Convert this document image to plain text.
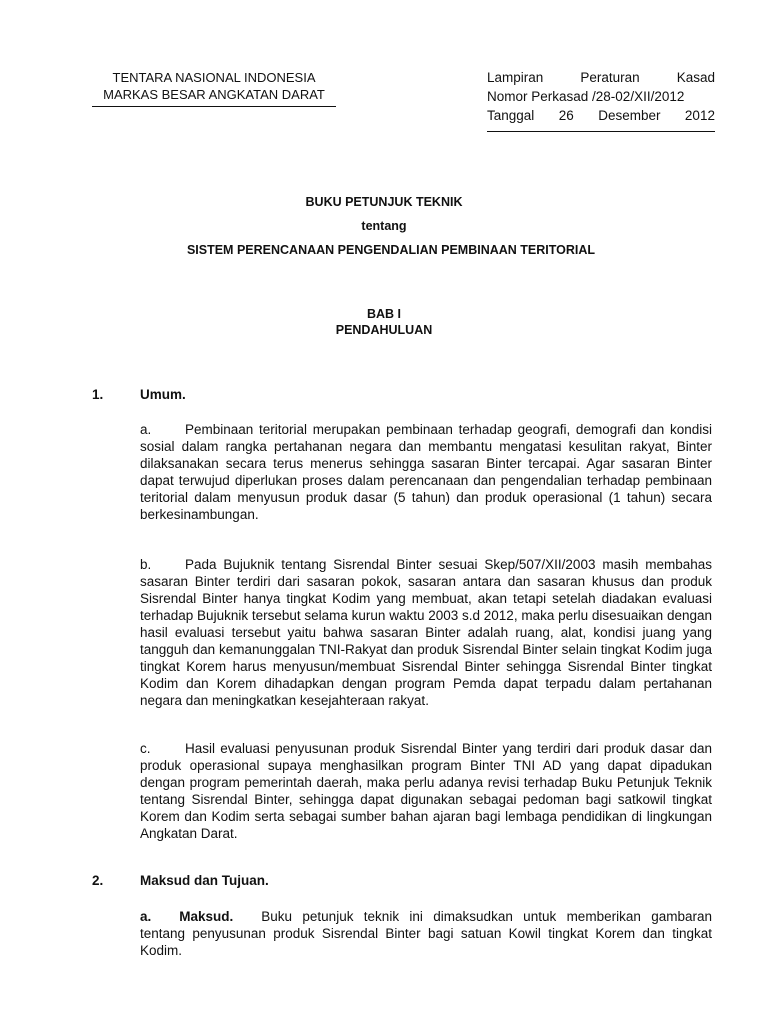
TENTARA NASIONAL INDONESIA
MARKAS BESAR ANGKATAN DARAT
Lampiran	Peraturan	Kasad
Nomor Perkasad /28-02/XII/2012
Tanggal 26 Desember 2012
BUKU PETUNJUK TEKNIK
tentang
SISTEM PERENCANAAN PENGENDALIAN PEMBINAAN TERITORIAL
BAB I
PENDAHULUAN
1.	Umum.
a. Pembinaan teritorial merupakan pembinaan terhadap geografi, demografi dan kondisi sosial dalam rangka pertahanan negara dan membantu mengatasi kesulitan rakyat, Binter dilaksanakan secara terus menerus sehingga sasaran Binter tercapai. Agar sasaran Binter dapat terwujud diperlukan proses dalam perencanaan dan pengendalian terhadap pembinaan teritorial dalam menyusun produk dasar (5 tahun) dan produk operasional (1 tahun) secara berkesinambungan.
b. Pada Bujuknik tentang Sisrendal Binter sesuai Skep/507/XII/2003 masih membahas sasaran Binter terdiri dari sasaran pokok, sasaran antara dan sasaran khusus dan produk Sisrendal Binter hanya tingkat Kodim yang membuat, akan tetapi setelah diadakan evaluasi terhadap Bujuknik tersebut selama kurun waktu 2003 s.d 2012, maka perlu disesuaikan dengan hasil evaluasi tersebut yaitu bahwa sasaran Binter adalah ruang, alat, kondisi juang yang tangguh dan kemanunggalan TNI-Rakyat dan produk Sisrendal Binter selain tingkat Kodim juga tingkat Korem harus menyusun/membuat Sisrendal Binter sehingga Sisrendal Binter tingkat Kodim dan Korem dihadapkan dengan program Pemda dapat terpadu dalam pertahanan negara dan meningkatkan kesejahteraan rakyat.
c.	Hasil evaluasi penyusunan produk Sisrendal Binter yang terdiri dari produk dasar dan produk operasional supaya menghasilkan program Binter TNI AD yang dapat dipadukan dengan program pemerintah daerah, maka perlu adanya revisi terhadap Buku Petunjuk Teknik tentang Sisrendal Binter, sehingga dapat digunakan sebagai pedoman bagi satkowil tingkat Korem dan Kodim serta sebagai sumber bahan ajaran bagi lembaga pendidikan di lingkungan Angkatan Darat.
2.	Maksud dan Tujuan.
a. Maksud. Buku petunjuk teknik ini dimaksudkan untuk memberikan gambaran tentang penyusunan produk Sisrendal Binter bagi satuan Kowil tingkat Korem dan tingkat Kodim.
